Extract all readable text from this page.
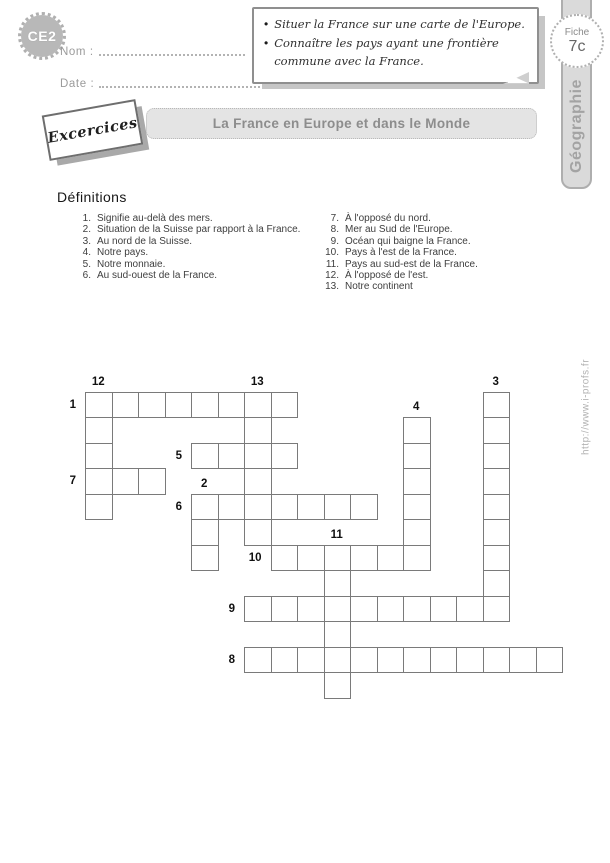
CE2
Nom :
Date :	Géographie
Fiche
7c
• Situer la France sur une carte de l'Europe.
• Connaître les pays ayant une frontière commune avec la France.
La France en Europe et dans le Monde
Excercices
Définitions
1. Signifie au-delà des mers.
2. Situation de la Suisse par rapport à la France.
3. Au nord de la Suisse.
4. Notre pays.
5. Notre monnaie.
6. Au sud-ouest de la France.
7. À l'opposé du nord.
8. Mer au Sud de l'Europe.
9. Océan qui baigne la France.
10. Pays à l'est de la France.
11. Pays au sud-est de la France.
12. À l'opposé de l'est.
13. Notre continent
1
5
7
6
10
9
8
12	13	3
4
2
11
http://www.i-profs.fr
